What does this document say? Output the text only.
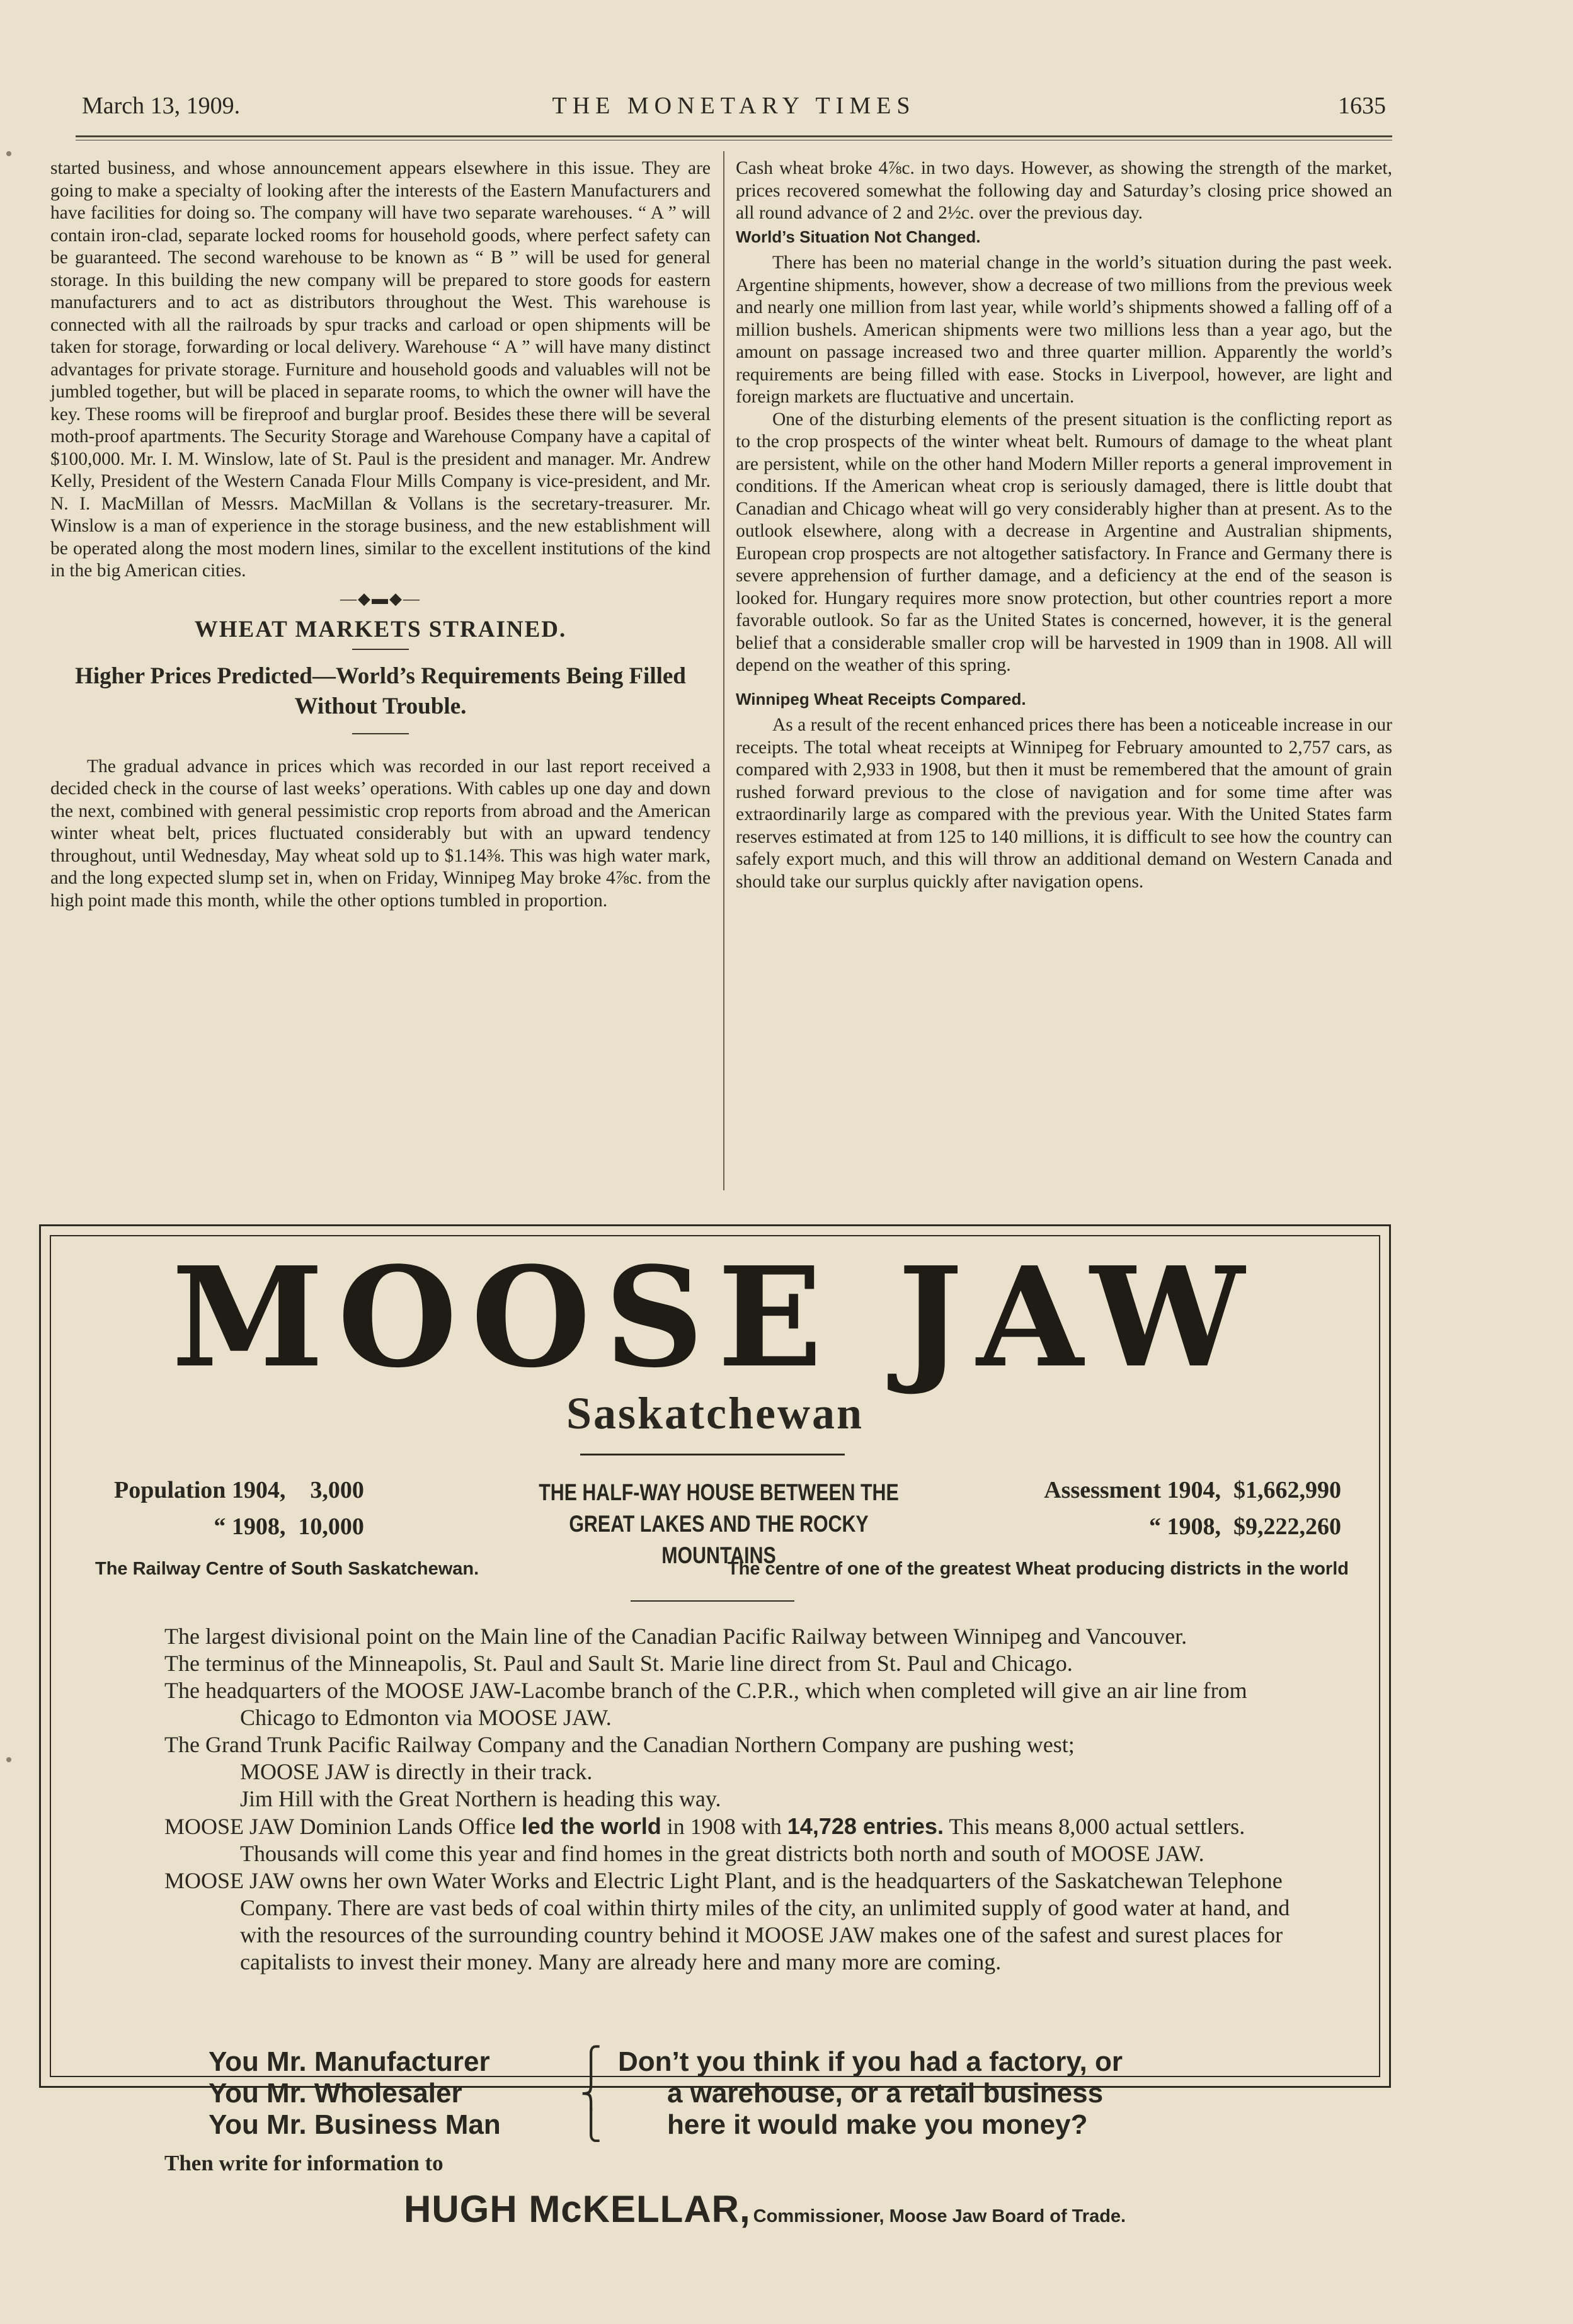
March 13, 1909.	THE MONETARY TIMES	1635

started business, and whose announcement appears elsewhere in this issue. They are going to make a specialty of looking after the interests of the Eastern Manufacturers and have facilities for doing so. The company will have two separate warehouses. “ A ” will contain iron-clad, separate locked rooms for household goods, where perfect safety can be guaranteed. The second warehouse to be known as “ B ” will be used for general storage. In this building the new company will be prepared to store goods for eastern manufacturers and to act as distributors throughout the West. This warehouse is connected with all the railroads by spur tracks and carload or open shipments will be taken for storage, forwarding or local delivery. Warehouse “ A ” will have many distinct advantages for private storage. Furniture and household goods and valuables will not be jumbled together, but will be placed in separate rooms, to which the owner will have the key. These rooms will be fireproof and burglar proof. Besides these there will be several moth-proof apartments. The Security Storage and Warehouse Company have a capital of $100,000. Mr. I. M. Winslow, late of St. Paul is the president and manager. Mr. Andrew Kelly, President of the Western Canada Flour Mills Company is vice-president, and Mr. N. I. MacMillan of Messrs. MacMillan & Vollans is the secretary-treasurer. Mr. Winslow is a man of experience in the storage business, and the new establishment will be operated along the most modern lines, similar to the excellent institutions of the kind in the big American cities.

—◆▬◆—
WHEAT MARKETS STRAINED.
Higher Prices Predicted—World’s Requirements Being Filled Without Trouble.

The gradual advance in prices which was recorded in our last report received a decided check in the course of last weeks’ operations. With cables up one day and down the next, combined with general pessimistic crop reports from abroad and the American winter wheat belt, prices fluctuated considerably but with an upward tendency throughout, until Wednesday, May wheat sold up to $1.14⅜. This was high water mark, and the long expected slump set in, when on Friday, Winnipeg May broke 4⅞c. from the high point made this month, while the other options tumbled in proportion.

Cash wheat broke 4⅞c. in two days. However, as showing the strength of the market, prices recovered somewhat the following day and Saturday’s closing price showed an all round advance of 2 and 2½c. over the previous day.

World’s Situation Not Changed.

There has been no material change in the world’s situation during the past week. Argentine shipments, however, show a decrease of two millions from the previous week and nearly one million from last year, while world’s shipments showed a falling off of a million bushels. American shipments were two millions less than a year ago, but the amount on passage increased two and three quarter million. Apparently the world’s requirements are being filled with ease. Stocks in Liverpool, however, are light and foreign markets are fluctuative and uncertain.

One of the disturbing elements of the present situation is the conflicting report as to the crop prospects of the winter wheat belt. Rumours of damage to the wheat plant are persistent, while on the other hand Modern Miller reports a general improvement in conditions. If the American wheat crop is seriously damaged, there is little doubt that Canadian and Chicago wheat will go very considerably higher than at present. As to the outlook elsewhere, along with a decrease in Argentine and Australian shipments, European crop prospects are not altogether satisfactory. In France and Germany there is severe apprehension of further damage, and a deficiency at the end of the season is looked for. Hungary requires more snow protection, but other countries report a more favorable outlook. So far as the United States is concerned, however, it is the general belief that a considerable smaller crop will be harvested in 1909 than in 1908. All will depend on the weather of this spring.

Winnipeg Wheat Receipts Compared.

As a result of the recent enhanced prices there has been a noticeable increase in our receipts. The total wheat receipts at Winnipeg for February amounted to 2,757 cars, as compared with 2,933 in 1908, but then it must be remembered that the amount of grain rushed forward previous to the close of navigation and for some time after was extraordinarily large as compared with the previous year. With the United States farm reserves estimated at from 125 to 140 millions, it is difficult to see how the country can safely export much, and this will throw an additional demand on Western Canada and should take our surplus quickly after navigation opens.

MOOSE JAW
Saskatchewan
Population 1904,	3,000
“ 1908,	10,000
THE HALF-WAY HOUSE BETWEEN THE GREAT LAKES AND THE ROCKY MOUNTAINS
Assessment 1904,	$1,662,990
“ 1908,	$9,222,260
The Railway Centre of South Saskatchewan.	The centre of one of the greatest Wheat producing districts in the world

The largest divisional point on the Main line of the Canadian Pacific Railway between Winnipeg and Vancouver.

The terminus of the Minneapolis, St. Paul and Sault St. Marie line direct from St. Paul and Chicago.

The headquarters of the MOOSE JAW-Lacombe branch of the C.P.R., which when completed will give an air line from Chicago to Edmonton via MOOSE JAW.

The Grand Trunk Pacific Railway Company and the Canadian Northern Company are pushing west;

MOOSE JAW is directly in their track.

Jim Hill with the Great Northern is heading this way.

MOOSE JAW Dominion Lands Office led the world in 1908 with 14,728 entries. This means 8,000 actual settlers. Thousands will come this year and find homes in the great districts both north and south of MOOSE JAW.

MOOSE JAW owns her own Water Works and Electric Light Plant, and is the headquarters of the Saskatchewan Telephone Company. There are vast beds of coal within thirty miles of the city, an unlimited supply of good water at hand, and with the resources of the surrounding country behind it MOOSE JAW makes one of the safest and surest places for capitalists to invest their money. Many are already here and many more are coming.

You Mr. Manufacturer
You Mr. Wholesaler
You Mr. Business Man
⎧
⎨
⎩
Don’t you think if you had a factory, or
a warehouse, or a retail business
here it would make you money?
Then write for information to
HUGH McKELLAR, Commissioner, Moose Jaw Board of Trade.
